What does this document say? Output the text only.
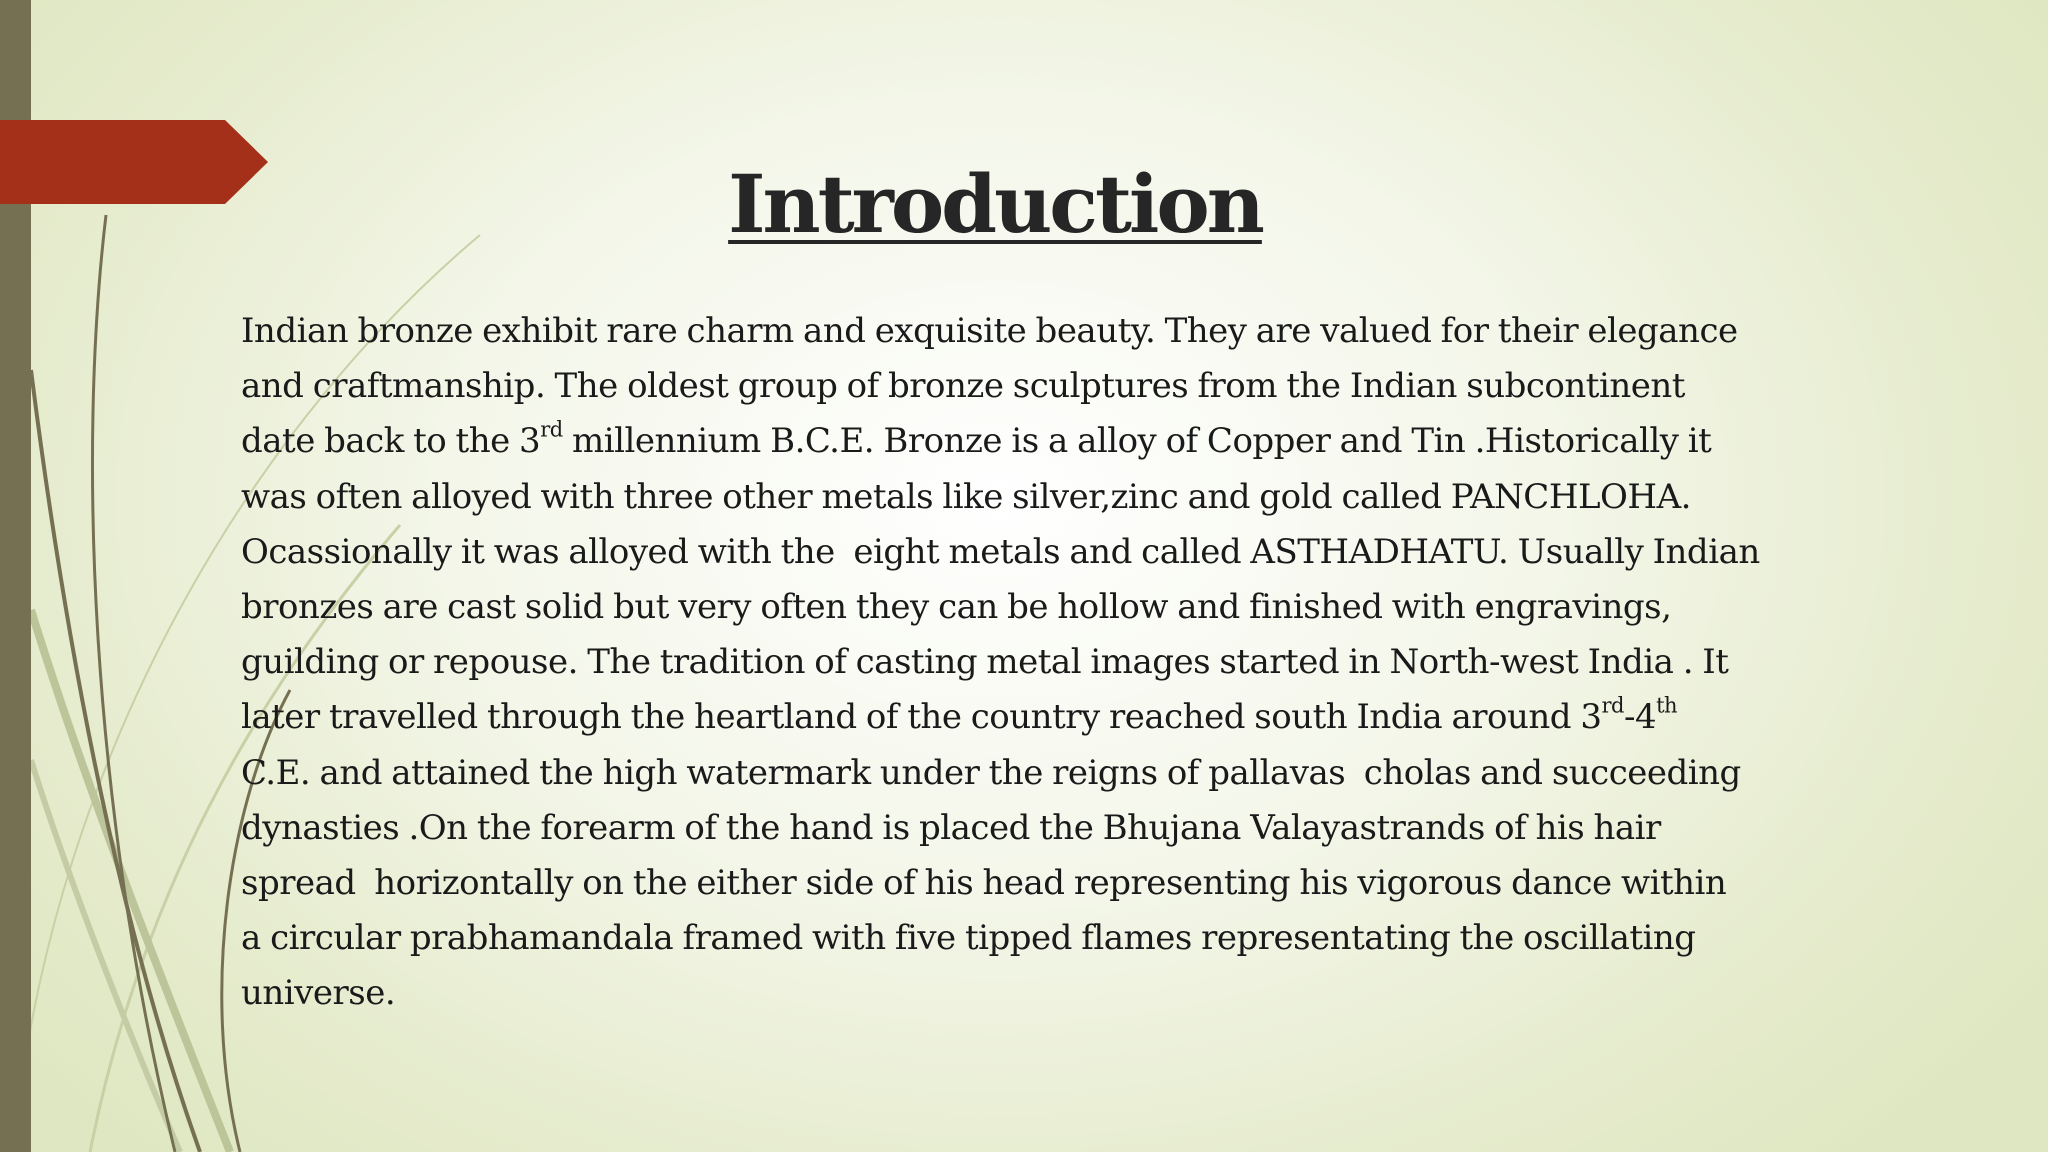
Introduction
Indian bronze exhibit rare charm and exquisite beauty. They are valued for their elegance
and craftmanship. The oldest group of bronze sculptures from the Indian subcontinent
date back to the 3rd millennium B.C.E. Bronze is a alloy of Copper and Tin .Historically it
was often alloyed with three other metals like silver,zinc and gold called PANCHLOHA.
Ocassionally it was alloyed with the  eight metals and called ASTHADHATU. Usually Indian
bronzes are cast solid but very often they can be hollow and finished with engravings,
guilding or repouse. The tradition of casting metal images started in North-west India . It
later travelled through the heartland of the country reached south India around 3rd-4th
C.E. and attained the high watermark under the reigns of pallavas  cholas and succeeding
dynasties .On the forearm of the hand is placed the Bhujana Valayastrands of his hair
spread  horizontally on the either side of his head representing his vigorous dance within
a circular prabhamandala framed with five tipped flames representating the oscillating
universe.
